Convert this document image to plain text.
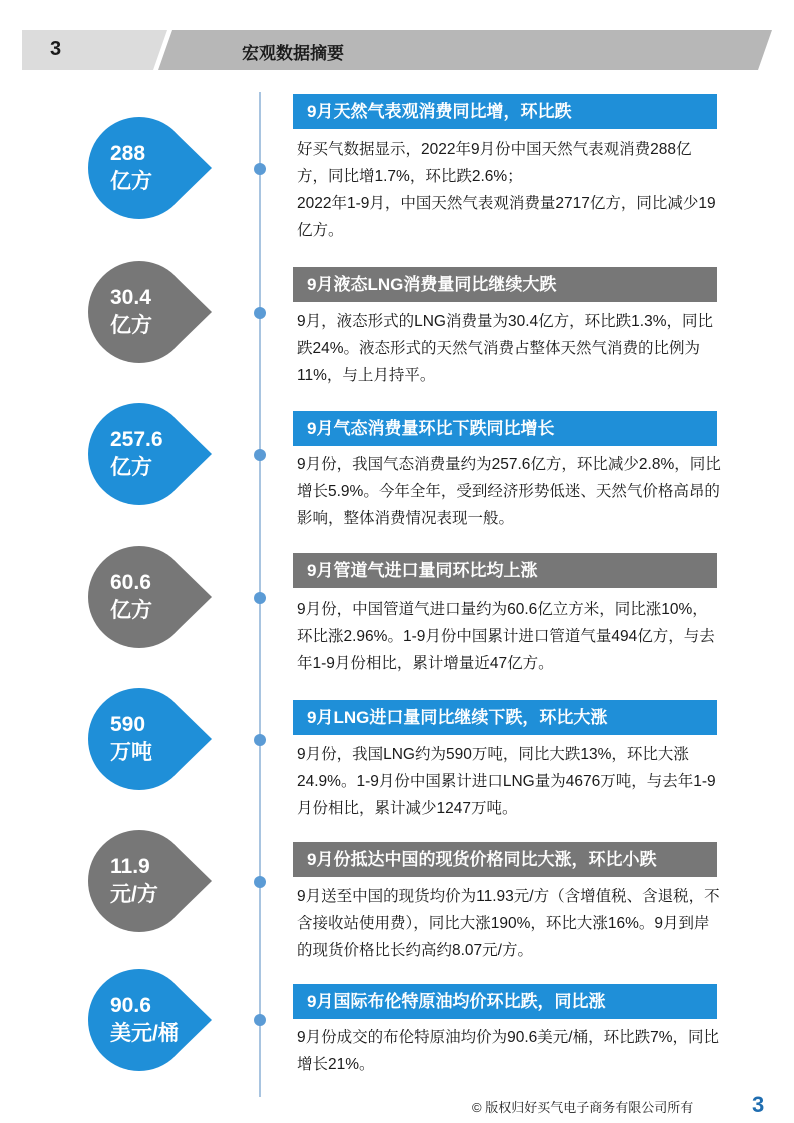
3	宏观数据摘要
288
亿方
9月天然气表观消费同比增，环比跌

好买气数据显示，2022年9月份中国天然气表观消费288亿方，同比增1.7%，环比跌2.6%；

2022年1-9月，中国天然气表观消费量2717亿方，同比减少19亿方。

30.4
亿方
9月液态LNG消费量同比继续大跌

9月，液态形式的LNG消费量为30.4亿方，环比跌1.3%，同比跌24%。液态形式的天然气消费占整体天然气消费的比例为11%，与上月持平。

257.6
亿方
9月气态消费量环比下跌同比增长

9月份，我国气态消费量约为257.6亿方，环比减少2.8%，同比增长5.9%。今年全年，受到经济形势低迷、天然气价格高昂的影响，整体消费情况表现一般。

60.6
亿方
9月管道气进口量同环比均上涨

9月份，中国管道气进口量约为60.6亿立方米，同比涨10%，环比涨2.96%。1-9月份中国累计进口管道气量494亿方，与去年1-9月份相比，累计增量近47亿方。

590
万吨
9月LNG进口量同比继续下跌，环比大涨

9月份，我国LNG约为590万吨，同比大跌13%，环比大涨24.9%。1-9月份中国累计进口LNG量为4676万吨，与去年1-9月份相比，累计减少1247万吨。

11.9
元/方
9月份抵达中国的现货价格同比大涨，环比小跌

9月送至中国的现货均价为11.93元/方（含增值税、含退税，不含接收站使用费），同比大涨190%，环比大涨16%。9月到岸的现货价格比长约高约8.07元/方。

90.6
美元/桶
9月国际布伦特原油均价环比跌，同比涨

9月份成交的布伦特原油均价为90.6美元/桶，环比跌7%，同比增长21%。

© 版权归好买气电子商务有限公司所有	3
